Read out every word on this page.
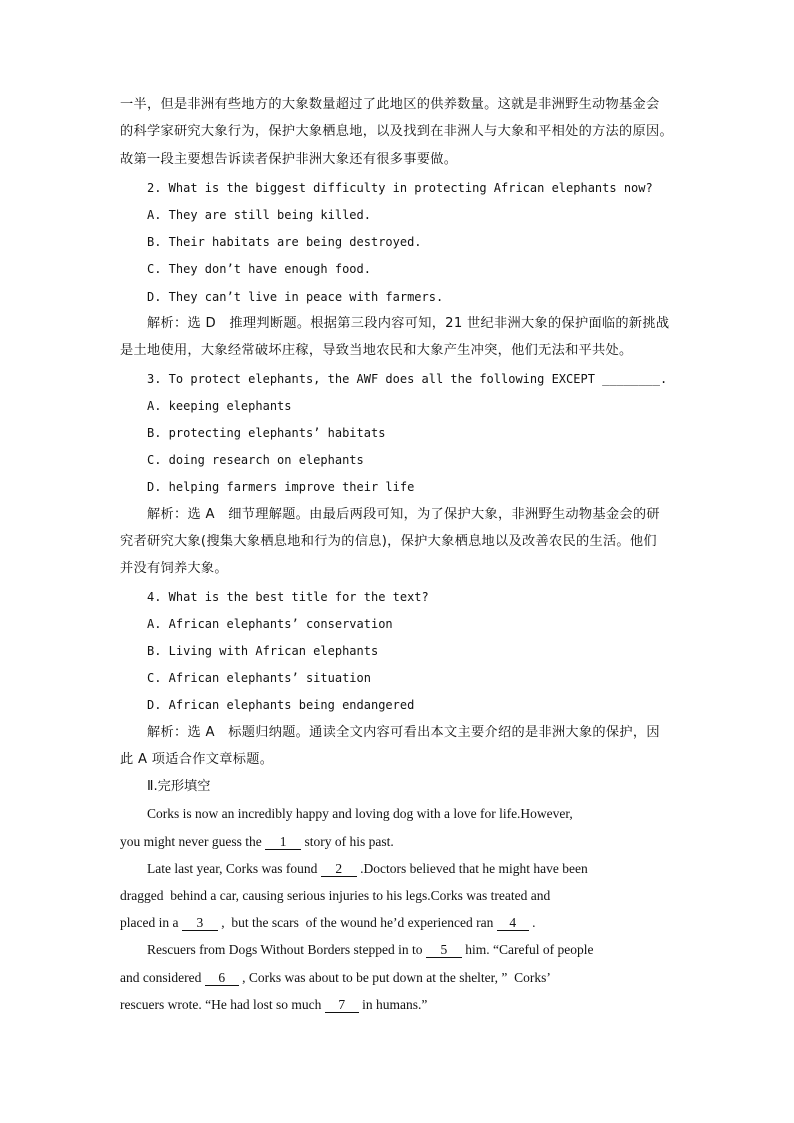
一半，但是非洲有些地方的大象数量超过了此地区的供养数量。这就是非洲野生动物基金会
的科学家研究大象行为，保护大象栖息地，以及找到在非洲人与大象和平相处的方法的原因。
故第一段主要想告诉读者保护非洲大象还有很多事要做。
2. What is the biggest difficulty in protecting African elephants now?
A. They are still being killed.
B. Their habitats are being destroyed.
C. They don’t have enough food.
D. They can’t live in peace with farmers.
解析：选 D　推理判断题。根据第三段内容可知，21 世纪非洲大象的保护面临的新挑战
是土地使用，大象经常破坏庄稼，导致当地农民和大象产生冲突，他们无法和平共处。
3. To protect elephants, the AWF does all the following EXCEPT ________.
A. keeping elephants
B. protecting elephants’ habitats
C. doing research on elephants
D. helping farmers improve their life
解析：选 A　细节理解题。由最后两段可知，为了保护大象，非洲野生动物基金会的研
究者研究大象(搜集大象栖息地和行为的信息)，保护大象栖息地以及改善农民的生活。他们
并没有饲养大象。
4. What is the best title for the text?
A. African elephants’ conservation
B. Living with African elephants
C. African elephants’ situation
D. African elephants being endangered
解析：选 A　标题归纳题。通读全文内容可看出本文主要介绍的是非洲大象的保护，因
此 A 项适合作文章标题。
Ⅱ.完形填空
Corks is now an incredibly happy and loving dog with a love for life.However,
you might never guess the 1 story of his past.
Late last year, Corks was found 2 .Doctors believed that he might have been
dragged  behind a car, causing serious injuries to his legs.Corks was treated and
placed in a 3 ,  but the scars  of the wound he’d experienced ran 4 .
Rescuers from Dogs Without Borders stepped in to 5 him. “Careful of people
and considered 6 , Corks was about to be put down at the shelter, ”  Corks’
rescuers wrote. “He had lost so much 7 in humans.”
